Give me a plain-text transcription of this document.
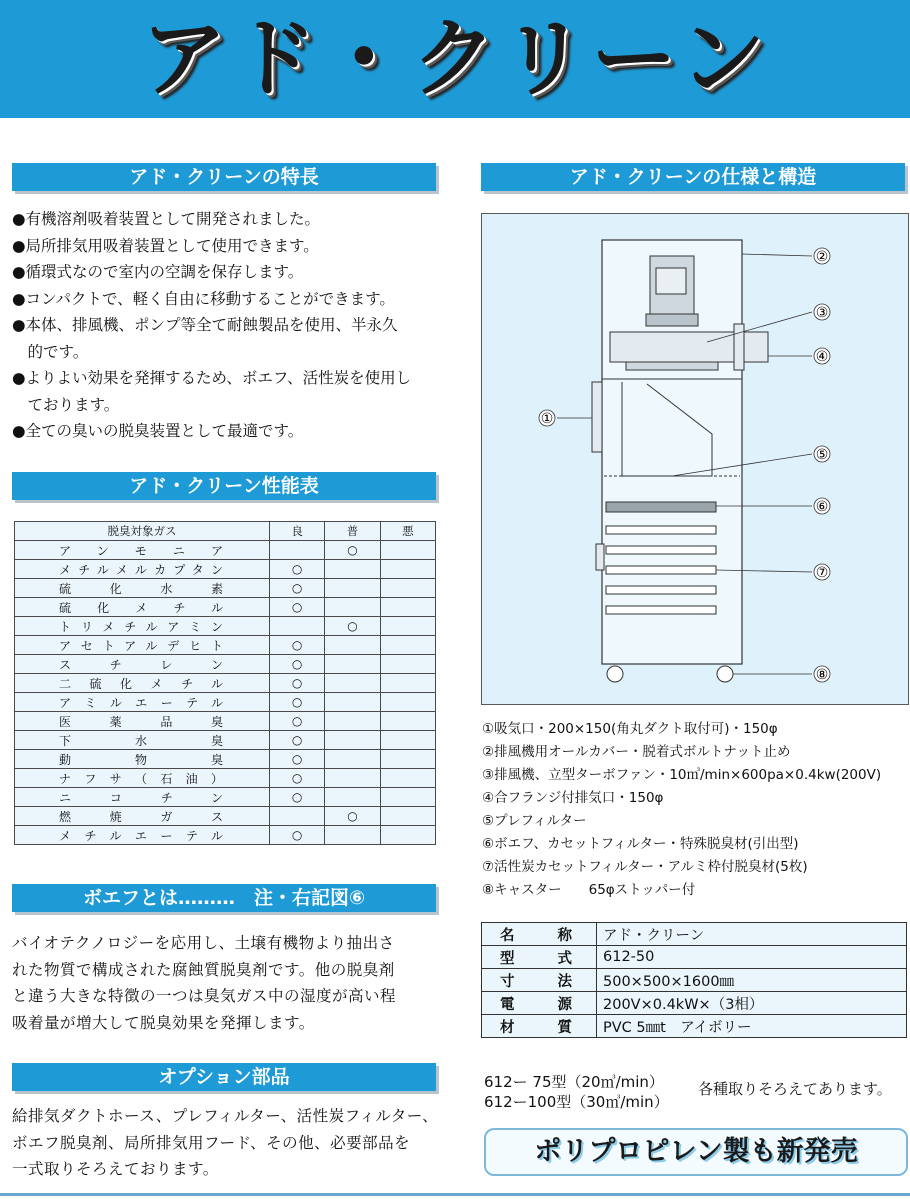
アド・クリーン
アド・クリーンの特長
●有機溶剤吸着装置として開発されました。
●局所排気用吸着装置として使用できます。
●循環式なので室内の空調を保存します。
●コンパクトで、軽く自由に移動することができます。
●本体、排風機、ポンプ等全て耐蝕製品を使用、半永久
　的です。
●よりよい効果を発揮するため、ボエフ、活性炭を使用し
　ております。
●全ての臭いの脱臭装置として最適です。
アド・クリーン性能表
脱臭対象ガス	良	普	悪
アンモニア		○	
メチルメルカプタン	○		
硫化水素	○		
硫化メチル	○		
トリメチルアミン		○	
アセトアルデヒト	○		
スチレン	○		
二硫化メチル	○		
アミルエーテル	○		
医薬品臭	○		
下水臭	○		
動物臭	○		
ナフサ（石油）	○		
ニコチン	○		
燃焼ガス		○	
メチルエーテル	○		
ボエフとは………　注・右記図⑥
バイオテクノロジーを応用し、土壌有機物より抽出さ
れた物質で構成された腐蝕質脱臭剤です。他の脱臭剤
と違う大きな特徴の一つは臭気ガス中の湿度が高い程
吸着量が増大して脱臭効果を発揮します。
オプション部品
給排気ダクトホース、プレフィルター、活性炭フィルター、
ボエフ脱臭剤、局所排気用フード、その他、必要部品を
一式取りそろえております。
アド・クリーンの仕様と構造
①
②
③
④
⑤
⑥
⑦
⑧
①吸気口・200×150(角丸ダクト取付可)・150φ
②排風機用オールカバー・脱着式ボルトナット止め
③排風機、立型ターボファン・10㎥/min×600pa×0.4kw(200V)
④合フランジ付排気口・150φ
⑤プレフィルター
⑥ボエフ、カセットフィルター・特殊脱臭材(引出型)
⑦活性炭カセットフィルター・アルミ枠付脱臭材(5枚)
⑧キャスター　　65φストッパー付
名称	アド・クリーン
型式	612-50
寸法	500×500×1600㎜
電源	200V×0.4kW×（3相）
材質	PVC 5㎜t　アイボリー
612ー 75型（20㎥/min）
612ー100型（30㎥/min）
各種取りそろえてあります。
ポリプロピレン製も新発売
